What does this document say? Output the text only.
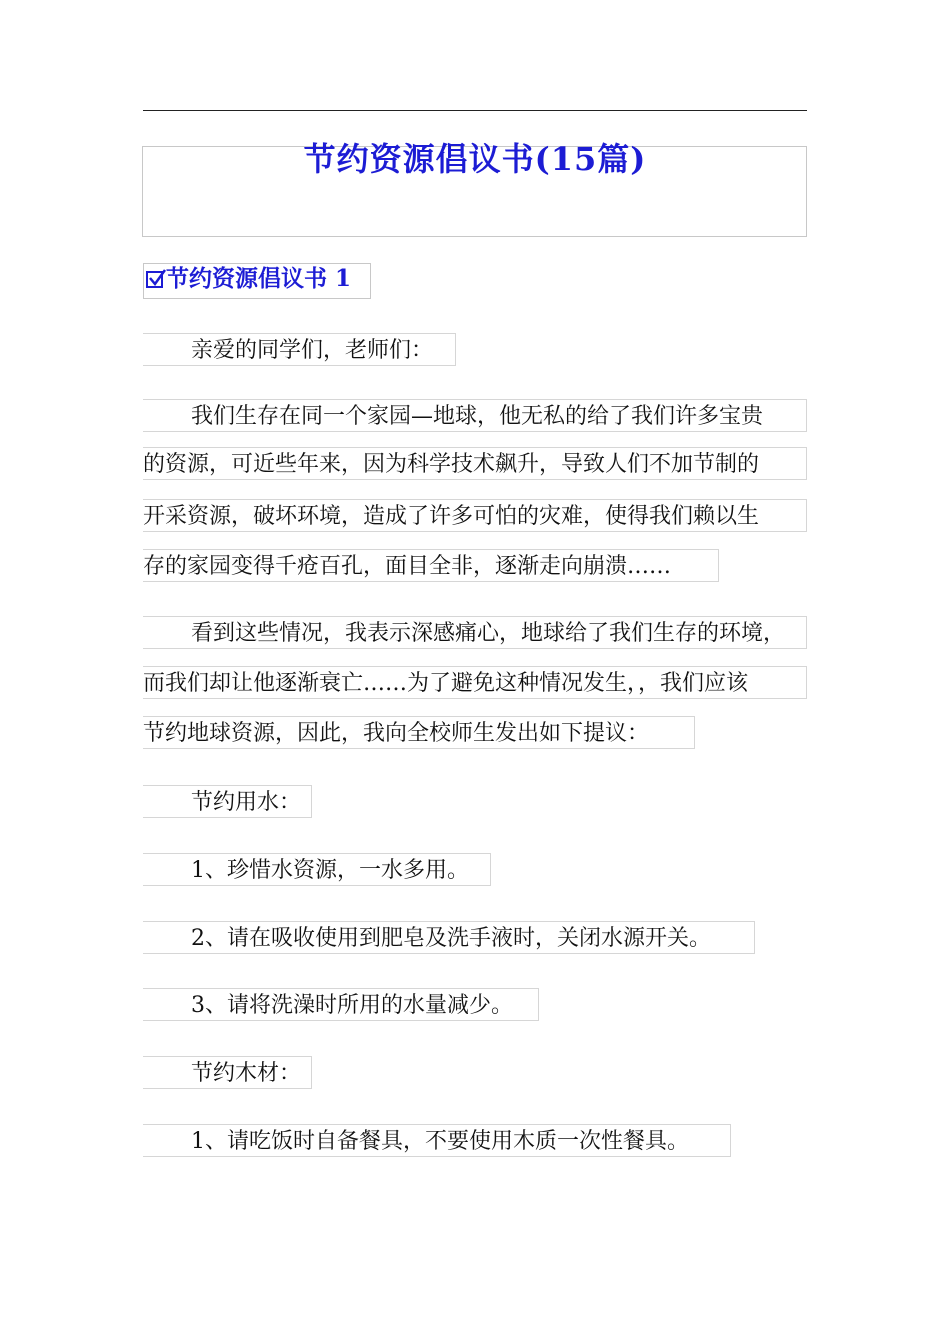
节约资源倡议书(15篇)
节约资源倡议书 1
亲爱的同学们，老师们：
我们生存在同一个家园—地球，他无私的给了我们许多宝贵
的资源，可近些年来，因为科学技术飙升，导致人们不加节制的
开采资源，破坏环境，造成了许多可怕的灾难，使得我们赖以生
存的家园变得千疮百孔，面目全非，逐渐走向崩溃……
看到这些情况，我表示深感痛心，地球给了我们生存的环境，
而我们却让他逐渐衰亡……为了避免这种情况发生，，我们应该
节约地球资源，因此，我向全校师生发出如下提议：
节约用水：
1、珍惜水资源，一水多用。
2、请在吸收使用到肥皂及洗手液时，关闭水源开关。
3、请将洗澡时所用的水量减少。
节约木材：
1、请吃饭时自备餐具，不要使用木质一次性餐具。
